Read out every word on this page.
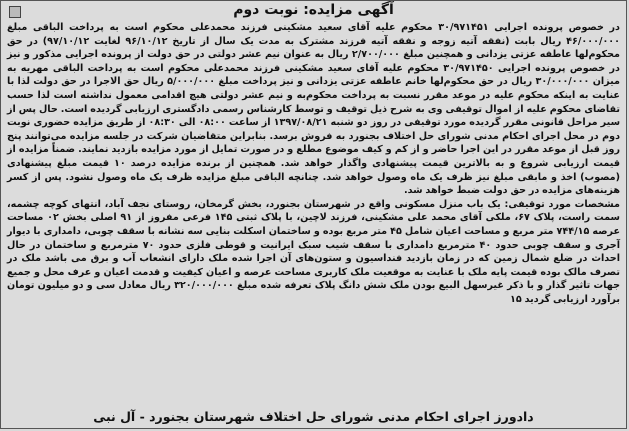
آگهی مزایده: نوبت دوم

در خصوص پرونده اجرایی ۳۰/۹۷۱۴۵۱ محکوم علیه آقای سعید مشکینی فرزند محمدعلی محکوم است به پرداخت الباقی مبلغ ۴۶/۰۰۰/۰۰۰ ریال بابت (نفقه آتیه زوجه و نفقه آتیه فرزند مشترک به مدت یک سال از تاریخ ۹۶/۱۰/۱۲ لغایت ۹۷/۱۰/۱۲) در حق محکوم‌لها عاطفه عزتی یزدانی و همچنین مبلغ ۲/۷۰۰/۰۰۰ ریال به عنوان نیم عشر دولتی در حق دولت از پرونده اجرایی مذکور و نیز در خصوص پرونده اجرایی ۳۰/۹۷۱۴۵۰ محکوم علیه آقای سعید مشکینی فرزند محمدعلی محکوم است به پرداخت الباقی مهریه به میزان ۳۰/۰۰۰/۰۰۰ ریال در حق محکوم‌لها خانم عاطفه عزتی یزدانی و نیز پرداخت مبلغ ۵/۰۰۰/۰۰۰ ریال حق الاجرا در حق دولت لذا با عنایت به اینکه محکوم علیه در موعد مقرر نسبت به پرداخت محکوم‌به و نیم عشر دولتی هیچ اقدامی معمول نداشته است لذا حسب تقاضای محکوم علیه از اموال توقیفی وی به شرح ذیل توقیف و توسط کارشناس رسمی دادگستری ارزیابی گردیده است. حال پس از سیر مراحل قانونی مقرر گردیده مورد توقیفی در روز دو شنبه ۱۳۹۷/۰۸/۲۱ از ساعت ۰۸:۰۰ الی ۰۸:۳۰ از طریق مزایده حضوری نوبت دوم در محل اجرای احکام مدنی شورای حل اختلاف بجنورد به فروش برسد. بنابراین متقاضیان شرکت در جلسه مزایده می‌توانند پنج روز قبل از موعد مقرر در این اجرا حاضر و از کم و کیف موضوع مطلع و در صورت تمایل از مورد مزایده بازدید نمایند. ضمناً مزایده از قیمت ارزیابی شروع و به بالاترین قیمت پیشنهادی واگذار خواهد شد. همچنین از برنده مزایده درصد ۱۰ قیمت مبلغ پیشنهادی (مصوب) اخذ و مابقی مبلغ نیز ظرف یک ماه وصول خواهد شد. چنانچه الباقی مبلغ مزایده ظرف یک ماه وصول نشود. پس از کسر هزینه‌های مزایده در حق دولت ضبط خواهد شد.

مشخصات مورد توقیفی: یک باب منزل مسکونی واقع در شهرستان بجنورد، بخش گرمخان، روستای نجف آباد، انتهای کوچه چشمه، سمت راست، پلاک ۶۷، ملکی آقای محمد علی مشکینی، فرزند لاچین، با پلاک ثبتی ۱۴۵ فرعی مفروز از ۹۱ اصلی بخش ۰۲ مساحت عرصه ۷۴۴/۱۵ متر مربع و مساحت اعیان شامل ۴۵ متر مربع بوده و ساختمان اسکلت بنایی سه نشانه با سقف چوبی، دامداری با دیوار آجری و سقف چوبی حدود ۴۰ مترمربع دامداری با سقف شیب سبک ایرانیت و قوطی فلزی حدود ۷۰ مترمربع و ساختمان در حال احداث در ضلع شمال زمین که در زمان بازدید فنداسیون و ستون‌های آن اجرا شده ملک دارای انشعاب آب و برق می باشد ملک در تصرف مالک بوده قیمت پایه ملک با عنایت به موقعیت ملک کاربری مساحت عرصه و اعیان کیفیت و قدمت اعیان و عرف محل و جمیع جهات تاثیر گذار و با ذکر غیرسهل البیع بودن ملک شش دانگ پلاک تعرفه شده مبلغ ۳۲۰/۰۰۰/۰۰۰ ریال معادل سی و دو میلیون تومان برآورد ارزیابی گردید ۱۵

دادورز اجرای احکام مدنی شورای حل اختلاف شهرستان بجنورد - آل نبی
